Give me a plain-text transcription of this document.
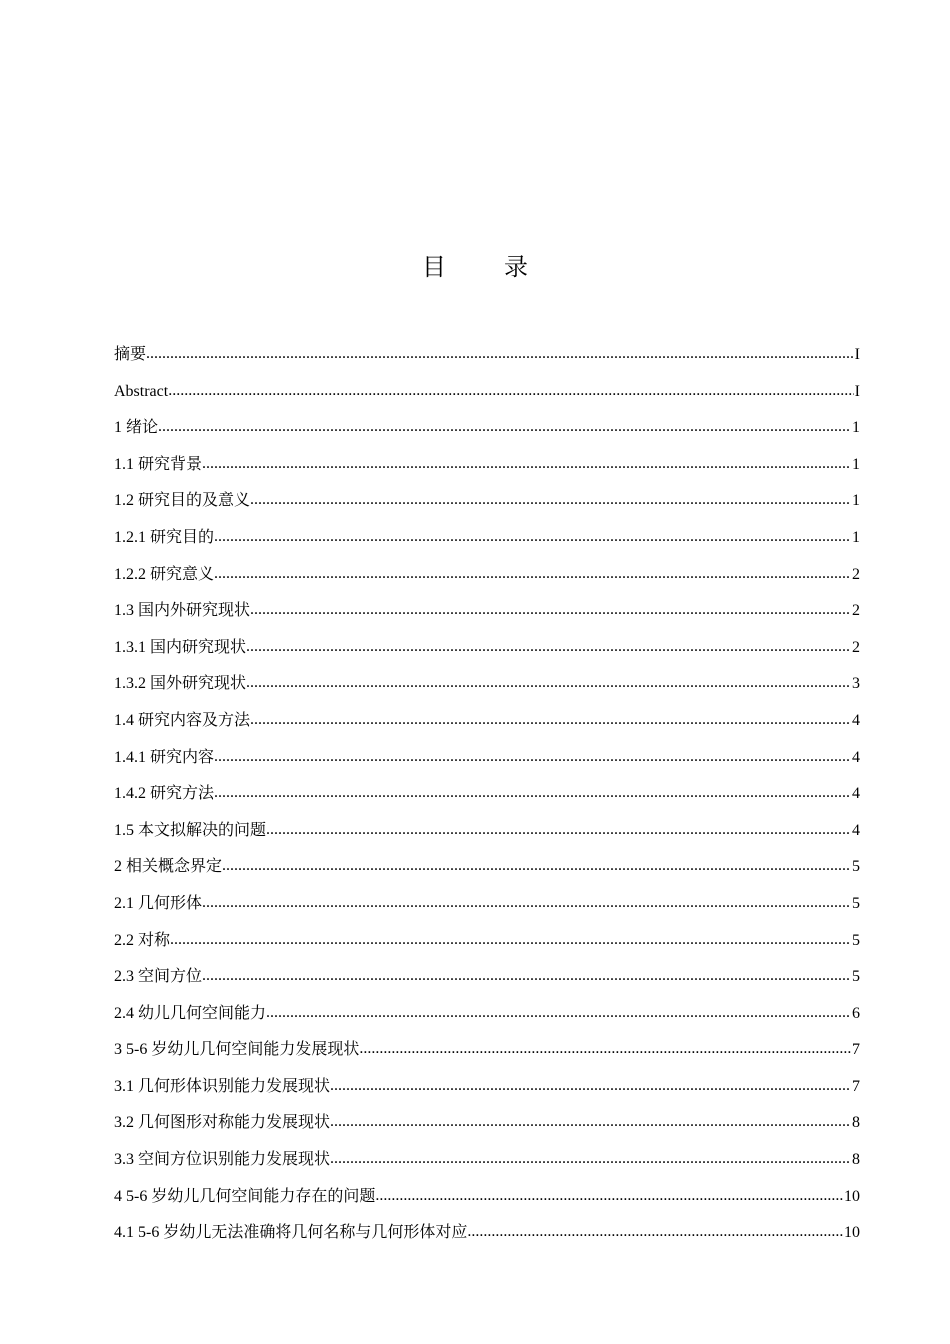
目 录
摘要 .....	I
Abstract .....	I
1 绪论 .....	1
1.1 研究背景 .....	1
1.2 研究目的及意义 .....	1
1.2.1 研究目的 .....	1
1.2.2 研究意义 .....	2
1.3 国内外研究现状 .....	2
1.3.1 国内研究现状 .....	2
1.3.2 国外研究现状 .....	3
1.4 研究内容及方法 .....	4
1.4.1 研究内容 .....	4
1.4.2 研究方法 .....	4
1.5 本文拟解决的问题 .....	4
2 相关概念界定 .....	5
2.1 几何形体 .....	5
2.2 对称 .....	5
2.3 空间方位 .....	5
2.4 幼儿几何空间能力 .....	6
3 5-6 岁幼儿几何空间能力发展现状 .....	7
3.1 几何形体识别能力发展现状 .....	7
3.2 几何图形对称能力发展现状 .....	8
3.3 空间方位识别能力发展现状 .....	8
4 5-6 岁幼儿几何空间能力存在的问题 .....	10
4.1 5-6 岁幼儿无法准确将几何名称与几何形体对应 .....	10
